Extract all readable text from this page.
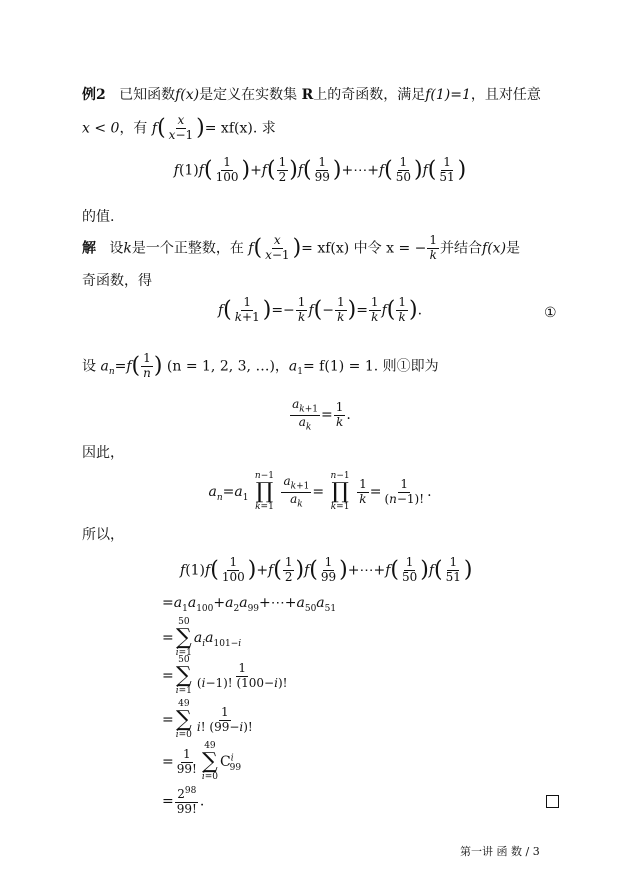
例2 已知函数f(x)是定义在实数集 R上的奇函数，满足f(1)=1，且对任意
x < 0，有 $f( \frac{x}{x-1}$ )= xf(x). 求
$f(1)f( \frac{1}{100} )+f( \frac{1}{2} )f( \frac{1}{99}$ )+⋯+f( $\frac{1}{50} )f( \frac{1}{51}$ )
的值.
解 设k是一个正整数，在 $f( \frac{x}{x-1}$ )= xf(x) 中令 x = − $\frac{1}{k}$ 并结合f(x)是
奇函数，得
$f( \frac{1}{k+1}$ )=− $\frac{1}{k} f(- \frac{1}{k}$ )= $\frac{1}{k} f( \frac{1}{k}$ ).	①
设 $a_n=f( \frac{1}{n}$ ) (n = 1, 2, 3, …)，$a_1= f(1) = 1$. 则①即为
$\frac{a_{k+1}}{a_k} = \frac{1}{k}$ .
因此，
$a_n=a_1$
n−1
∏
k=1
$\frac{a_{k+1}}{a_k}$ =
n−1
∏
k=1

$\frac{1}{k} = \frac{1}{(n-1)!}$ .
所以，
$f(1)f( \frac{1}{100} )+f( \frac{1}{2} )f( \frac{1}{99}$ )+⋯+f( $\frac{1}{50} )f( \frac{1}{51}$ )
$=a_1a_{100}+a_2a_{99}+\cdots+a_{50}a_{51}$
=
50
∑
i=1
$a_ia_{101-i}$
=
50
∑
i=1
$\frac{1}{(i-1)! (100-i)!}$
=
49
∑
i=0
$\frac{1}{i! (99-i)!}$
= $\frac{1}{99!}$
49
∑
i=0
$C^i_{99}$
= $\frac{2^{98}}{99!}$ .
第一讲 函 数 / 3
